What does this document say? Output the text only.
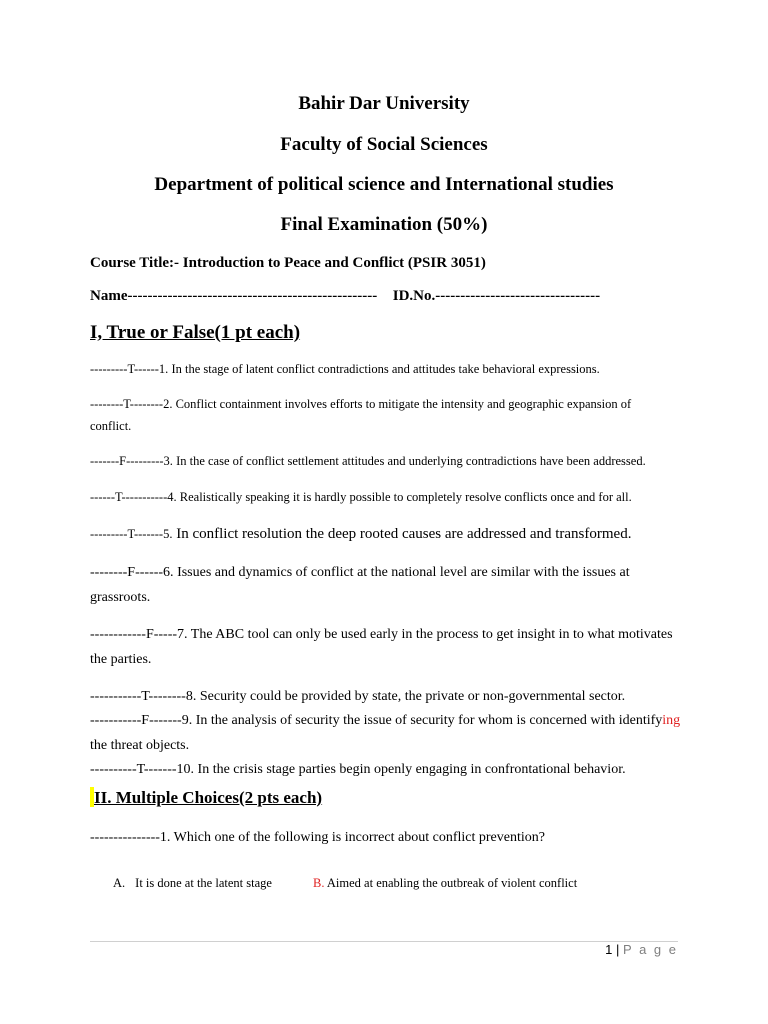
Bahir Dar University
Faculty of Social Sciences
Department of political science and International studies
Final Examination (50%)
Course Title:- Introduction to Peace and Conflict (PSIR 3051)
Name-------------------------------------------------- ID.No.---------------------------------
I, True or False(1 pt each)
---------T------1. In the stage of latent conflict contradictions and attitudes take behavioral expressions.
--------T--------2. Conflict containment involves efforts to mitigate the intensity and geographic expansion of
conflict.
-------F---------3. In the case of conflict settlement attitudes and underlying contradictions have been addressed.
------T-----------4. Realistically speaking it is hardly possible to completely resolve conflicts once and for all.
---------T-------5. In conflict resolution the deep rooted causes are addressed and transformed.
--------F------6. Issues and dynamics of conflict at the national level are similar with the issues at
grassroots.
------------F-----7. The ABC tool can only be used early in the process to get insight in to what motivates
the parties.
-----------T--------8. Security could be provided by state, the private or non-governmental sector.
-----------F-------9. In the analysis of security the issue of security for whom is concerned with identifying
the threat objects.
----------T-------10. In the crisis stage parties begin openly engaging in confrontational behavior.
II. Multiple Choices(2 pts each)
---------------1. Which one of the following is incorrect about conflict prevention?
A. It is done at the latent stage	B. Aimed at enabling the outbreak of violent conflict
1 | P a g e
